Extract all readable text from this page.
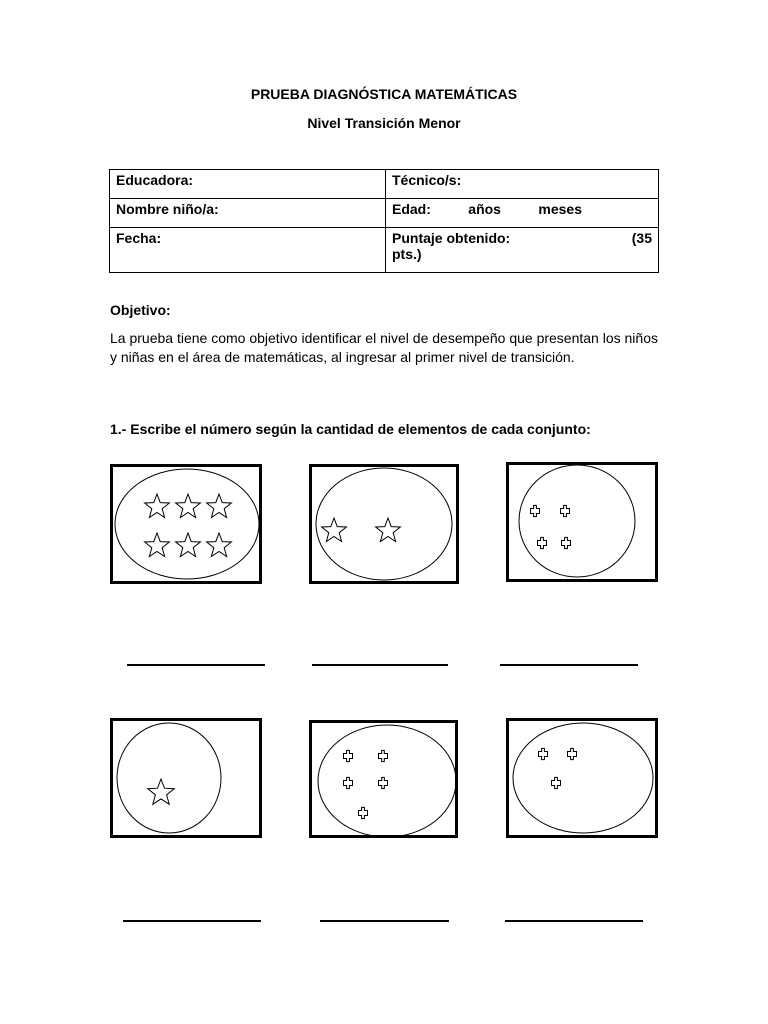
PRUEBA DIAGNÓSTICA MATEMÁTICAS
Nivel Transición Menor
Educadora:	Técnico/s:
Nombre niño/a:	Edad: años meses

Fecha:	Puntaje obtenido: (35
pts.)
Objetivo:
La prueba tiene como objetivo identificar el nivel de desempeño que presentan los niños y niñas en el área de matemáticas, al ingresar al primer nivel de transición.
1.- Escribe el número según la cantidad de elementos de cada conjunto:
